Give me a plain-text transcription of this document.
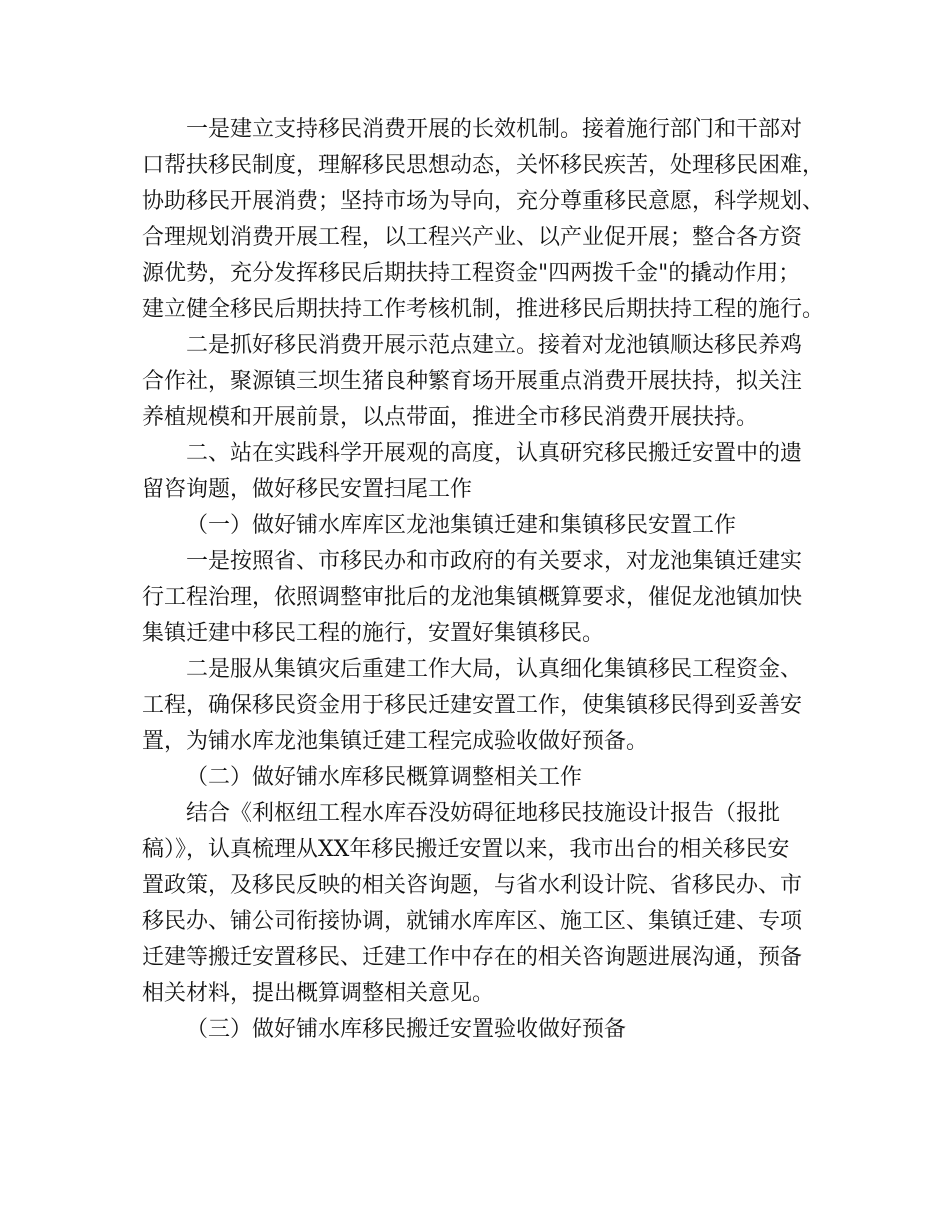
一是建立支持移民消费开展的长效机制。接着施行部门和干部对

口帮扶移民制度，理解移民思想动态，关怀移民疾苦，处理移民困难，

协助移民开展消费；坚持市场为导向，充分尊重移民意愿，科学规划、

合理规划消费开展工程，以工程兴产业、以产业促开展；整合各方资

源优势，充分发挥移民后期扶持工程资金"四两拨千金"的撬动作用；

建立健全移民后期扶持工作考核机制，推进移民后期扶持工程的施行。

二是抓好移民消费开展示范点建立。接着对龙池镇顺达移民养鸡

合作社，聚源镇三坝生猪良种繁育场开展重点消费开展扶持，拟关注

养植规模和开展前景，以点带面，推进全市移民消费开展扶持。

二、站在实践科学开展观的高度，认真研究移民搬迁安置中的遗

留咨询题，做好移民安置扫尾工作

（一）做好铺水库库区龙池集镇迁建和集镇移民安置工作

一是按照省、市移民办和市政府的有关要求，对龙池集镇迁建实

行工程治理，依照调整审批后的龙池集镇概算要求，催促龙池镇加快

集镇迁建中移民工程的施行，安置好集镇移民。

二是服从集镇灾后重建工作大局，认真细化集镇移民工程资金、

工程，确保移民资金用于移民迁建安置工作，使集镇移民得到妥善安

置，为铺水库龙池集镇迁建工程完成验收做好预备。

（二）做好铺水库移民概算调整相关工作

结合《利枢纽工程水库吞没妨碍征地移民技施设计报告（报批

稿）》，认真梳理从XX年移民搬迁安置以来，我市出台的相关移民安

置政策，及移民反映的相关咨询题，与省水利设计院、省移民办、市

移民办、铺公司衔接协调，就铺水库库区、施工区、集镇迁建、专项

迁建等搬迁安置移民、迁建工作中存在的相关咨询题进展沟通，预备

相关材料，提出概算调整相关意见。

（三）做好铺水库移民搬迁安置验收做好预备
